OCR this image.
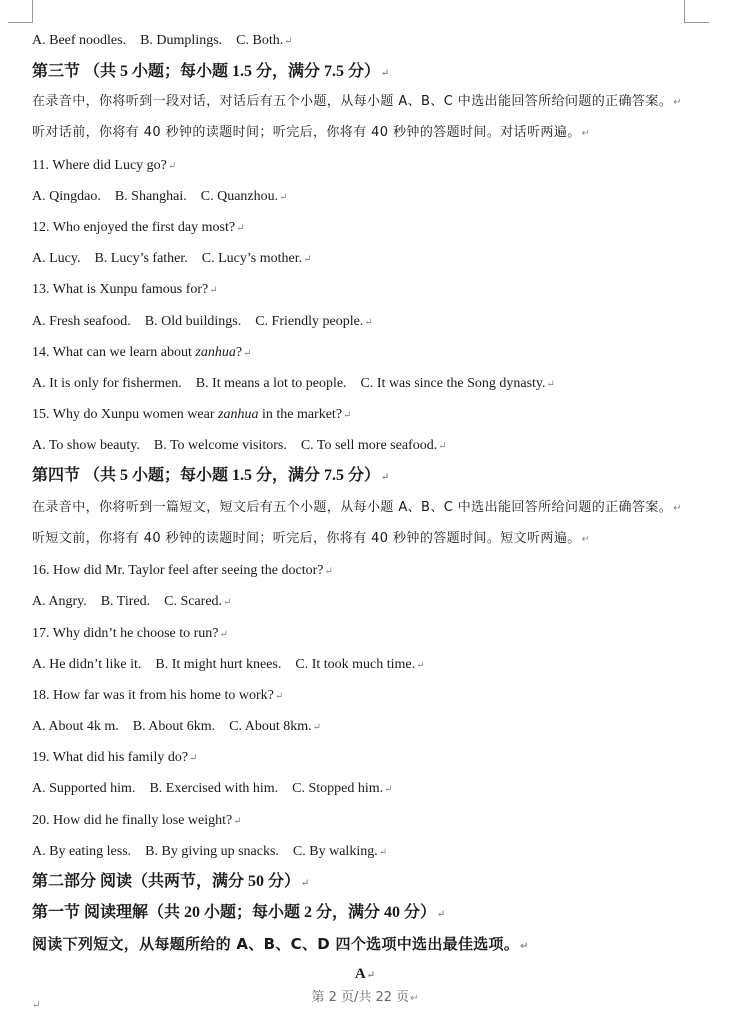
A. Beef noodles.    B. Dumplings.    C. Both.↵
第三节 （共 5 小题；每小题 1.5 分，满分 7.5 分）↵
在录音中，你将听到一段对话，对话后有五个小题，从每小题 A、B、C 中选出能回答所给问题的正确答案。↵
听对话前，你将有 40 秒钟的读题时间；听完后，你将有 40 秒钟的答题时间。对话听两遍。↵
11. Where did Lucy go?↵
A. Qingdao.    B. Shanghai.    C. Quanzhou.↵
12. Who enjoyed the first day most?↵
A. Lucy.    B. Lucy’s father.    C. Lucy’s mother.↵
13. What is Xunpu famous for?↵
A. Fresh seafood.    B. Old buildings.    C. Friendly people.↵
14. What can we learn about zanhua?↵
A. It is only for fishermen.    B. It means a lot to people.    C. It was since the Song dynasty.↵
15. Why do Xunpu women wear zanhua in the market?↵
A. To show beauty.    B. To welcome visitors.    C. To sell more seafood.↵
第四节 （共 5 小题；每小题 1.5 分，满分 7.5 分）↵
在录音中，你将听到一篇短文，短文后有五个小题，从每小题 A、B、C 中选出能回答所给问题的正确答案。↵
听短文前，你将有 40 秒钟的读题时间；听完后，你将有 40 秒钟的答题时间。短文听两遍。↵
16. How did Mr. Taylor feel after seeing the doctor?↵
A. Angry.    B. Tired.    C. Scared.↵
17. Why didn’t he choose to run?↵
A. He didn’t like it.    B. It might hurt knees.    C. It took much time.↵
18. How far was it from his home to work?↵
A. About 4k m.    B. About 6km.    C. About 8km.↵
19. What did his family do?↵
A. Supported him.    B. Exercised with him.    C. Stopped him.↵
20. How did he finally lose weight?↵
A. By eating less.    B. By giving up snacks.    C. By walking.↵
第二部分 阅读（共两节，满分 50 分）↵
第一节 阅读理解（共 20 小题；每小题 2 分，满分 40 分）↵
阅读下列短文，从每题所给的 A、B、C、D 四个选项中选出最佳选项。↵
A↵
第 2 页/共 22 页↵
↵
